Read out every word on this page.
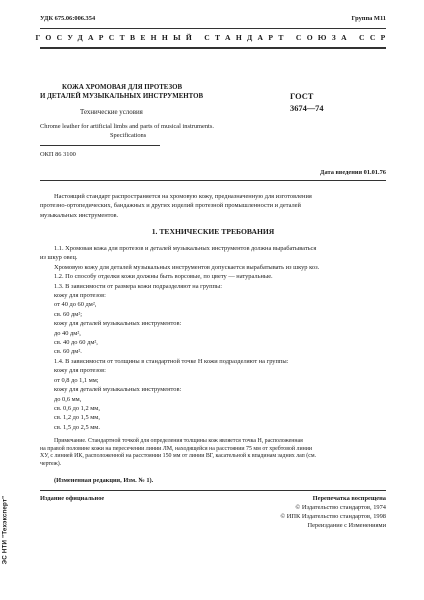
УДК 675.06:006.354	Группа М11
ГОСУДАРСТВЕННЫЙ СТАНДАРТ СОЮЗА ССР
КОЖА ХРОМОВАЯ ДЛЯ ПРОТЕЗОВ
И ДЕТАЛЕЙ МУЗЫКАЛЬНЫХ ИНСТРУМЕНТОВ
Технические условия
Chrome leather for artificial limbs and parts of musical instruments.
Specifications
ГОСТ
3674—74
ОКП 86 3100
Дата введения 01.01.76
Настоящий стандарт распространяется на хромовую кожу, предназначенную для изготовления
протезно-ортопедических, бандажных и других изделий протезной промышленности и деталей
музыкальных инструментов.
1. ТЕХНИЧЕСКИЕ ТРЕБОВАНИЯ
1.1. Хромовая кожа для протезов и деталей музыкальных инструментов должна вырабатываться
из шкур овец.
Хромовую кожу для деталей музыкальных инструментов допускается вырабатывать из шкур коз.
1.2. По способу отделки кожи должны быть ворсовые, по цвету — натуральные.
1.3. В зависимости от размера кожи подразделяют на группы:
кожу для протезов:
от 40 до 60 дм²,
св. 60 дм²;
кожу для деталей музыкальных инструментов:
до 40 дм²,
св. 40 до 60 дм²,
св. 60 дм².
1.4. В зависимости от толщины в стандартной точке Н кожи подразделяют на группы:
кожу для протезов:
от 0,8 до 1,1 мм;
кожу для деталей музыкальных инструментов:
до 0,6 мм,
св. 0,6 до 1,2 мм,
св. 1,2 до 1,5 мм,
св. 1,5 до 2,5 мм.
Примечание. Стандартной точкой для определения толщины кож является точка Н, расположенная
на правой половине кожи на пересечении линии ЛМ, находящейся на расстоянии 75 мм от хребтовой линии
ХУ, с линией ИК, расположенной на расстоянии 150 мм от линии ВГ, касательной к впадинам задних лап (см.
чертеж).
(Измененная редакция, Изм. № 1).
Издание официальное	Перепечатка воспрещена
© Издательство стандартов, 1974
© ИПК Издательство стандартов, 1998
Переиздание с Изменениями
ЭС НТИ "Техэксперт"
